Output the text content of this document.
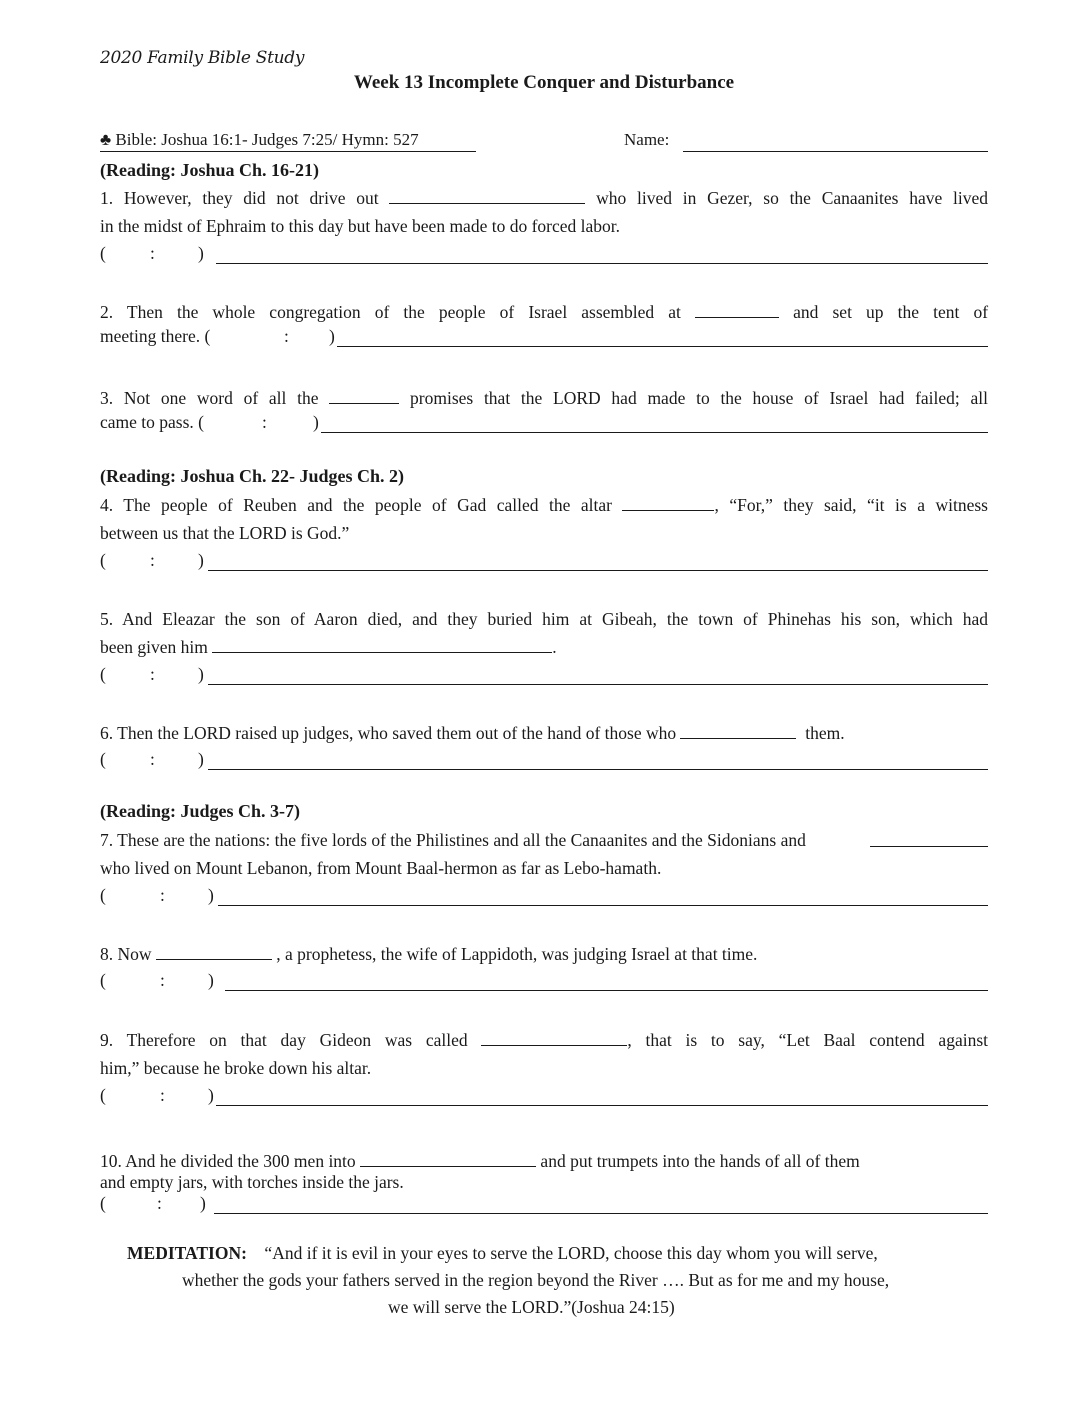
2020 Family Bible Study
Week 13 Incomplete Conquer and Disturbance
♣ Bible: Joshua 16:1- Judges 7:25/ Hymn: 527	Name:
(Reading: Joshua Ch. 16-21)
1. However, they did not drive out	who lived in Gezer, so the Canaanites have lived
in the midst of Ephraim to this day but have been made to do forced labor.
(	: )
2. Then the whole congregation of the people of Israel assembled at	and set up the tent of
meeting there. (	: )
3. Not one word of all the	promises that the LORD had made to the house of Israel had failed; all
came to pass. (	:	)
(Reading: Joshua Ch. 22- Judges Ch. 2)
4. The people of Reuben and the people of Gad called the altar	, “For,” they said, “it is a witness
between us that the LORD is God.”
(	: )
5. And Eleazar the son of Aaron died, and they buried him at Gibeah, the town of Phinehas his son, which had
been given him	.
(	: )
6. Then the LORD raised up judges, who saved them out of the hand of those who	them.
(	: )
(Reading: Judges Ch. 3-7)
7. These are the nations: the five lords of the Philistines and all the Canaanites and the Sidonians and
who lived on Mount Lebanon, from Mount Baal-hermon as far as Lebo-hamath.
(	: )
8. Now	, a prophetess, the wife of Lappidoth, was judging Israel at that time.
(	: )
9. Therefore on that day Gideon was called	, that is to say, “Let Baal contend against
him,” because he broke down his altar.
(	: )
10. And he divided the 300 men into	and put trumpets into the hands of all of them
and empty jars, with torches inside the jars.
(	: )
MEDITATION: “And if it is evil in your eyes to serve the LORD, choose this day whom you will serve,
whether the gods your fathers served in the region beyond the River …. But as for me and my house,
we will serve the LORD.”(Joshua 24:15)
